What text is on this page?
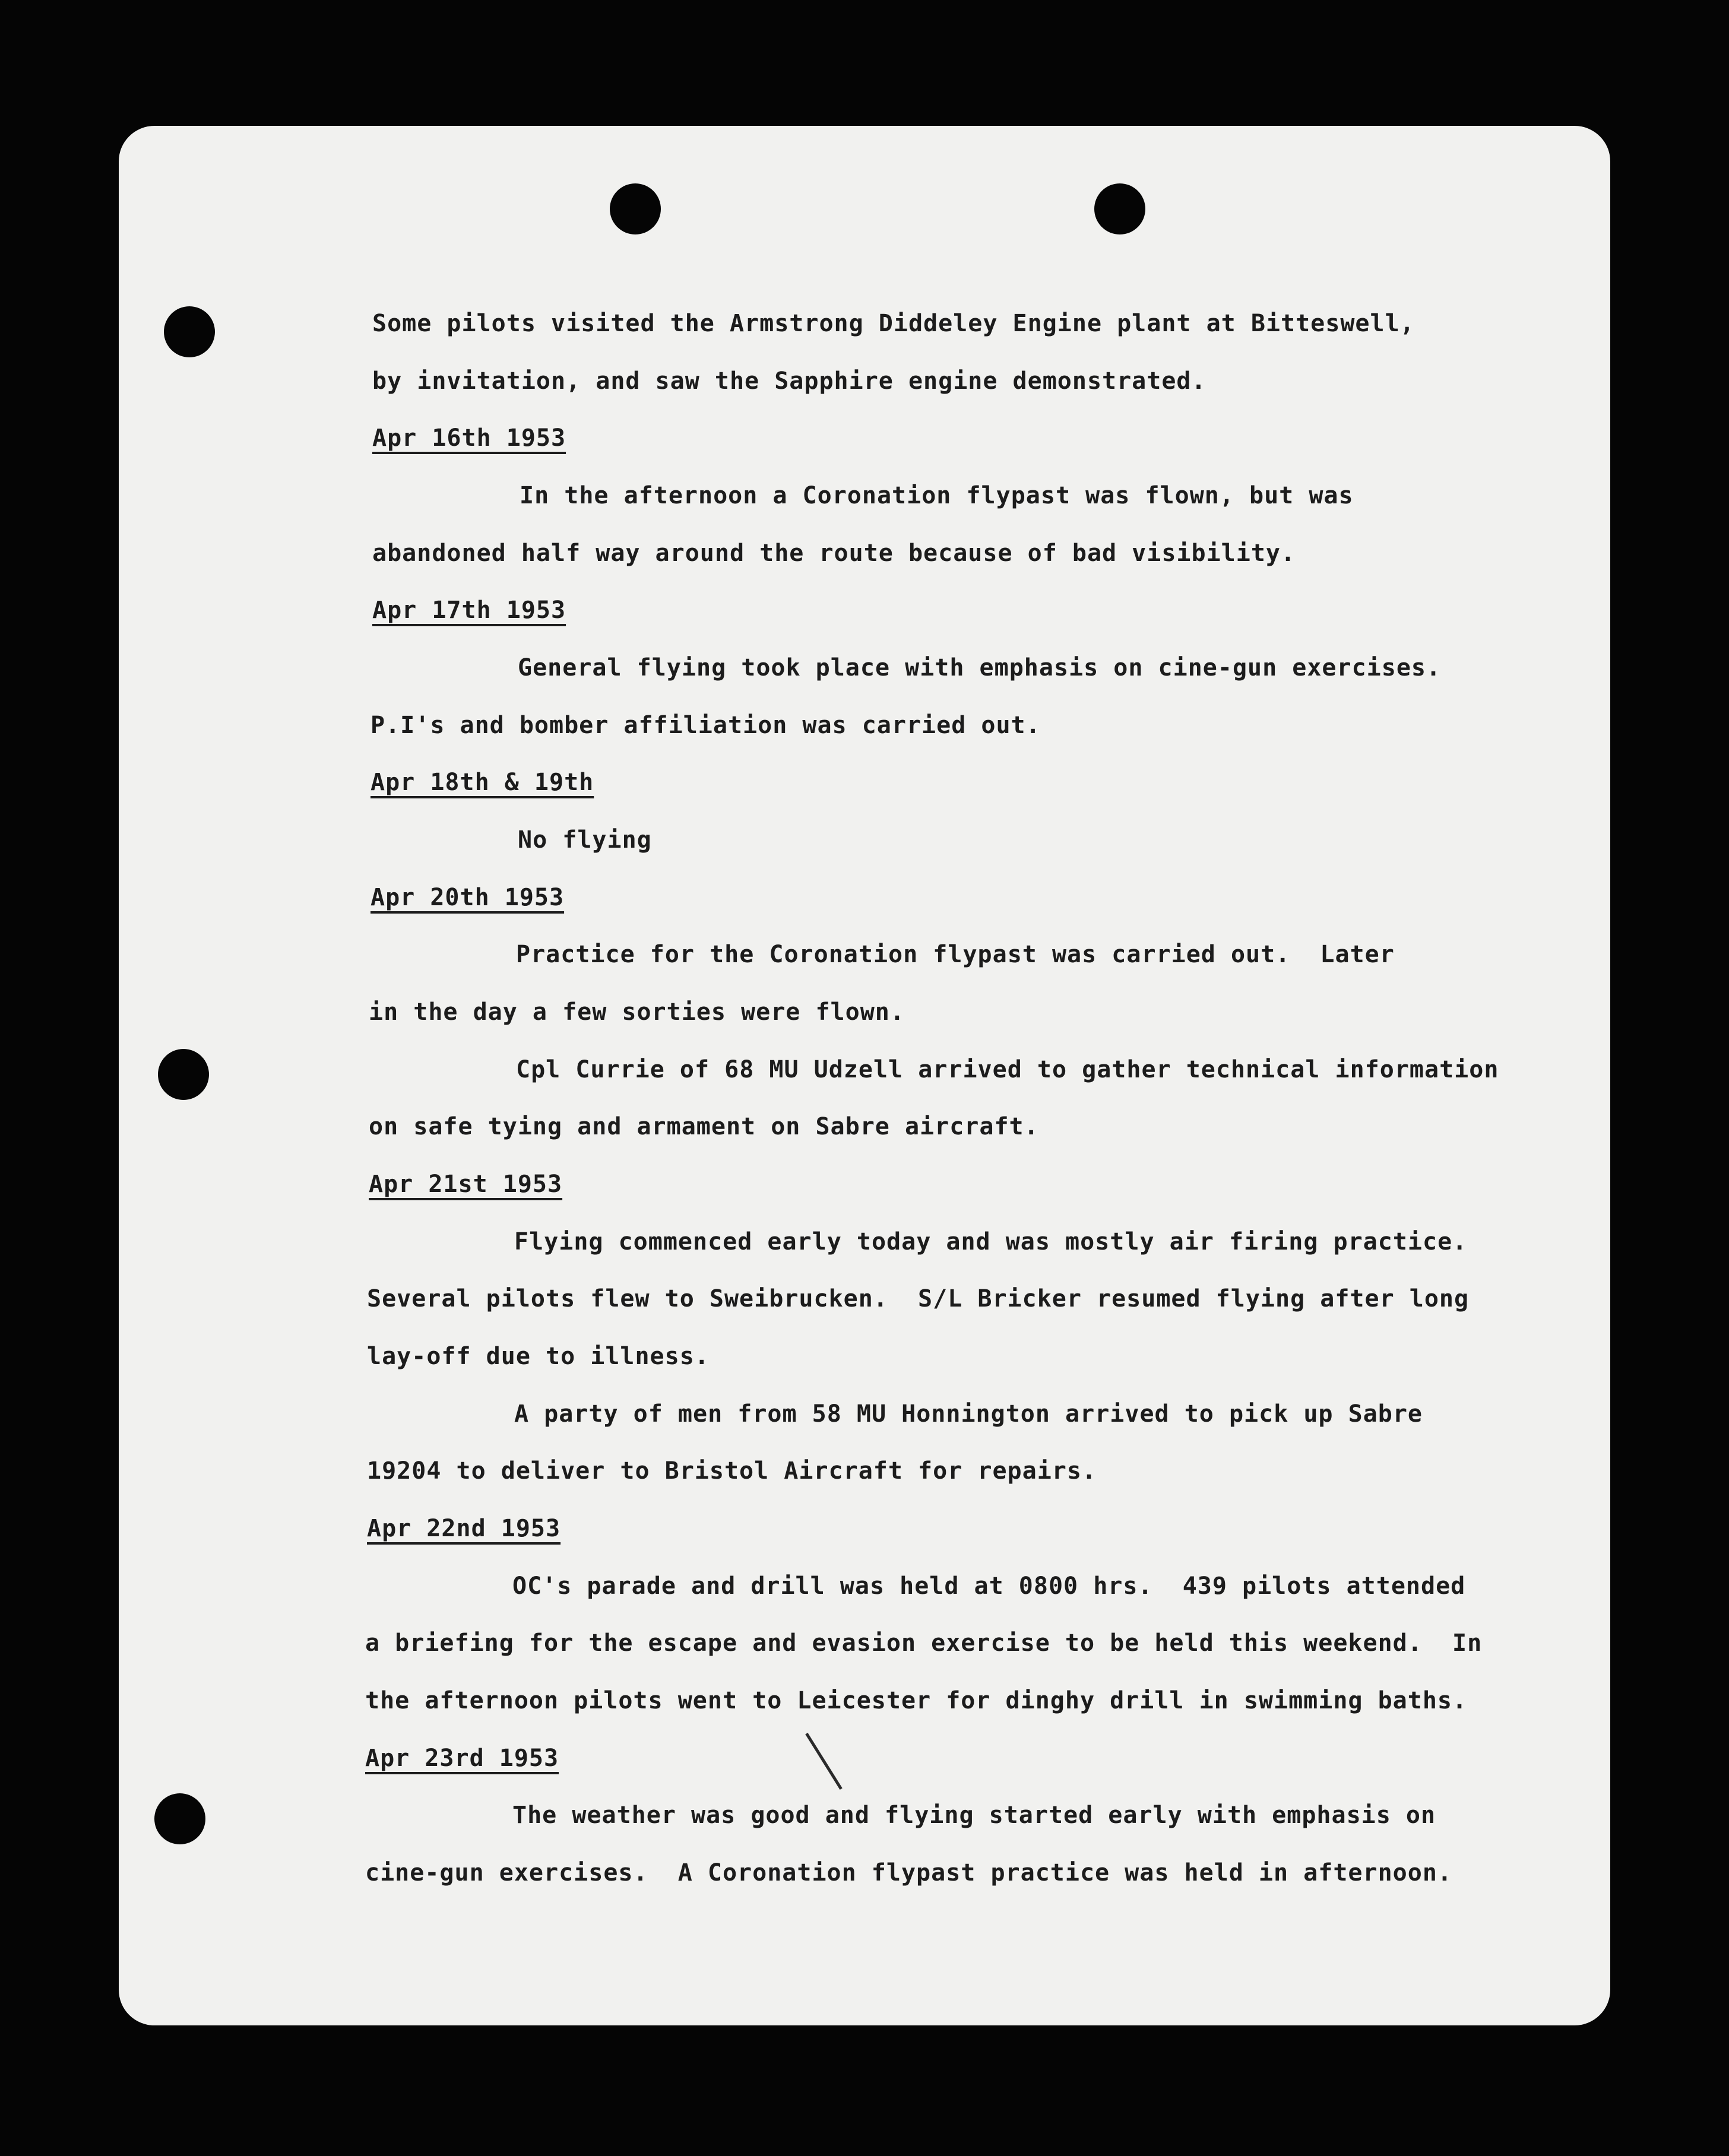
Some pilots visited the Armstrong Diddeley Engine plant at Bitteswell,
by invitation, and saw the Sapphire engine demonstrated.
Apr 16th 1953
In the afternoon a Coronation flypast was flown, but was
abandoned half way around the route because of bad visibility.
Apr 17th 1953
General flying took place with emphasis on cine-gun exercises.
P.I's and bomber affiliation was carried out.
Apr 18th & 19th
No flying
Apr 20th 1953
Practice for the Coronation flypast was carried out.  Later
in the day a few sorties were flown.
Cpl Currie of 68 MU Udzell arrived to gather technical information
on safe tying and armament on Sabre aircraft.
Apr 21st 1953
Flying commenced early today and was mostly air firing practice.
Several pilots flew to Sweibrucken.  S/L Bricker resumed flying after long
lay-off due to illness.
A party of men from 58 MU Honnington arrived to pick up Sabre
19204 to deliver to Bristol Aircraft for repairs.
Apr 22nd 1953
OC's parade and drill was held at 0800 hrs.  439 pilots attended
a briefing for the escape and evasion exercise to be held this weekend.  In
the afternoon pilots went to Leicester for dinghy drill in swimming baths.
Apr 23rd 1953
The weather was good and flying started early with emphasis on
cine-gun exercises.  A Coronation flypast practice was held in afternoon.
